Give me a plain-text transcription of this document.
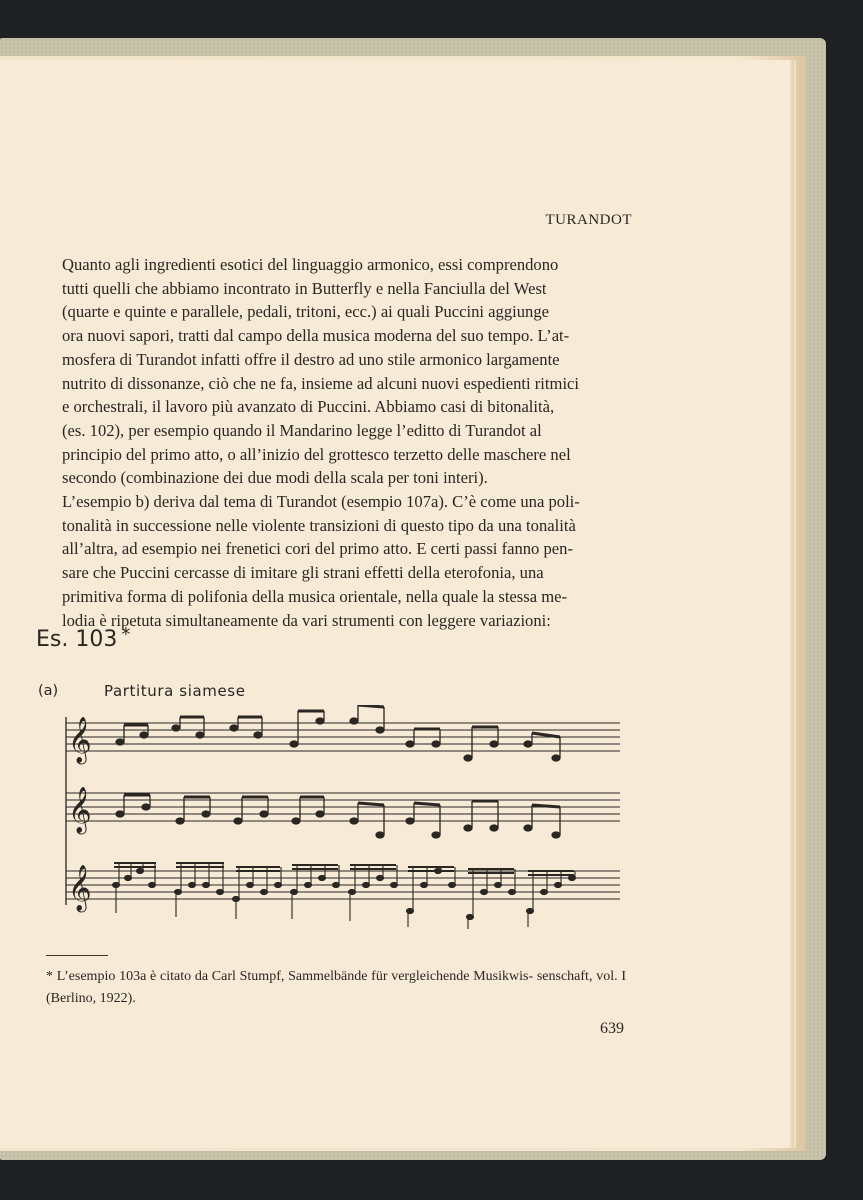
TURANDOT

Quanto agli ingredienti esotici del linguaggio armonico, essi comprendono
tutti quelli che abbiamo incontrato in Butterfly e nella Fanciulla del West
(quarte e quinte e parallele, pedali, tritoni, ecc.) ai quali Puccini aggiunge
ora nuovi sapori, tratti dal campo della musica moderna del suo tempo. L’at-
mosfera di Turandot infatti offre il destro ad uno stile armonico largamente
nutrito di dissonanze, ciò che ne fa, insieme ad alcuni nuovi espedienti ritmici
e orchestrali, il lavoro più avanzato di Puccini. Abbiamo casi di bitonalità,
(es. 102), per esempio quando il Mandarino legge l’editto di Turandot al
principio del primo atto, o all’inizio del grottesco terzetto delle maschere nel
secondo (combinazione dei due modi della scala per toni interi).

L’esempio b) deriva dal tema di Turandot (esempio 107a). C’è come una poli-
tonalità in successione nelle violente transizioni di questo tipo da una tonalità
all’altra, ad esempio nei frenetici cori del primo atto. E certi passi fanno pen-
sare che Puccini cercasse di imitare gli strani effetti della eterofonia, una
primitiva forma di polifonia della musica orientale, nella quale la stessa me-
lodia è ripetuta simultaneamente da vari strumenti con leggere variazioni:

Es. 103 *
(a)	Partitura siamese
𝄞
𝄞
𝄞
* L’esempio 103a è citato da Carl Stumpf, Sammelbände für vergleichende Musikwis- senschaft, vol. I (Berlino, 1922).
639
